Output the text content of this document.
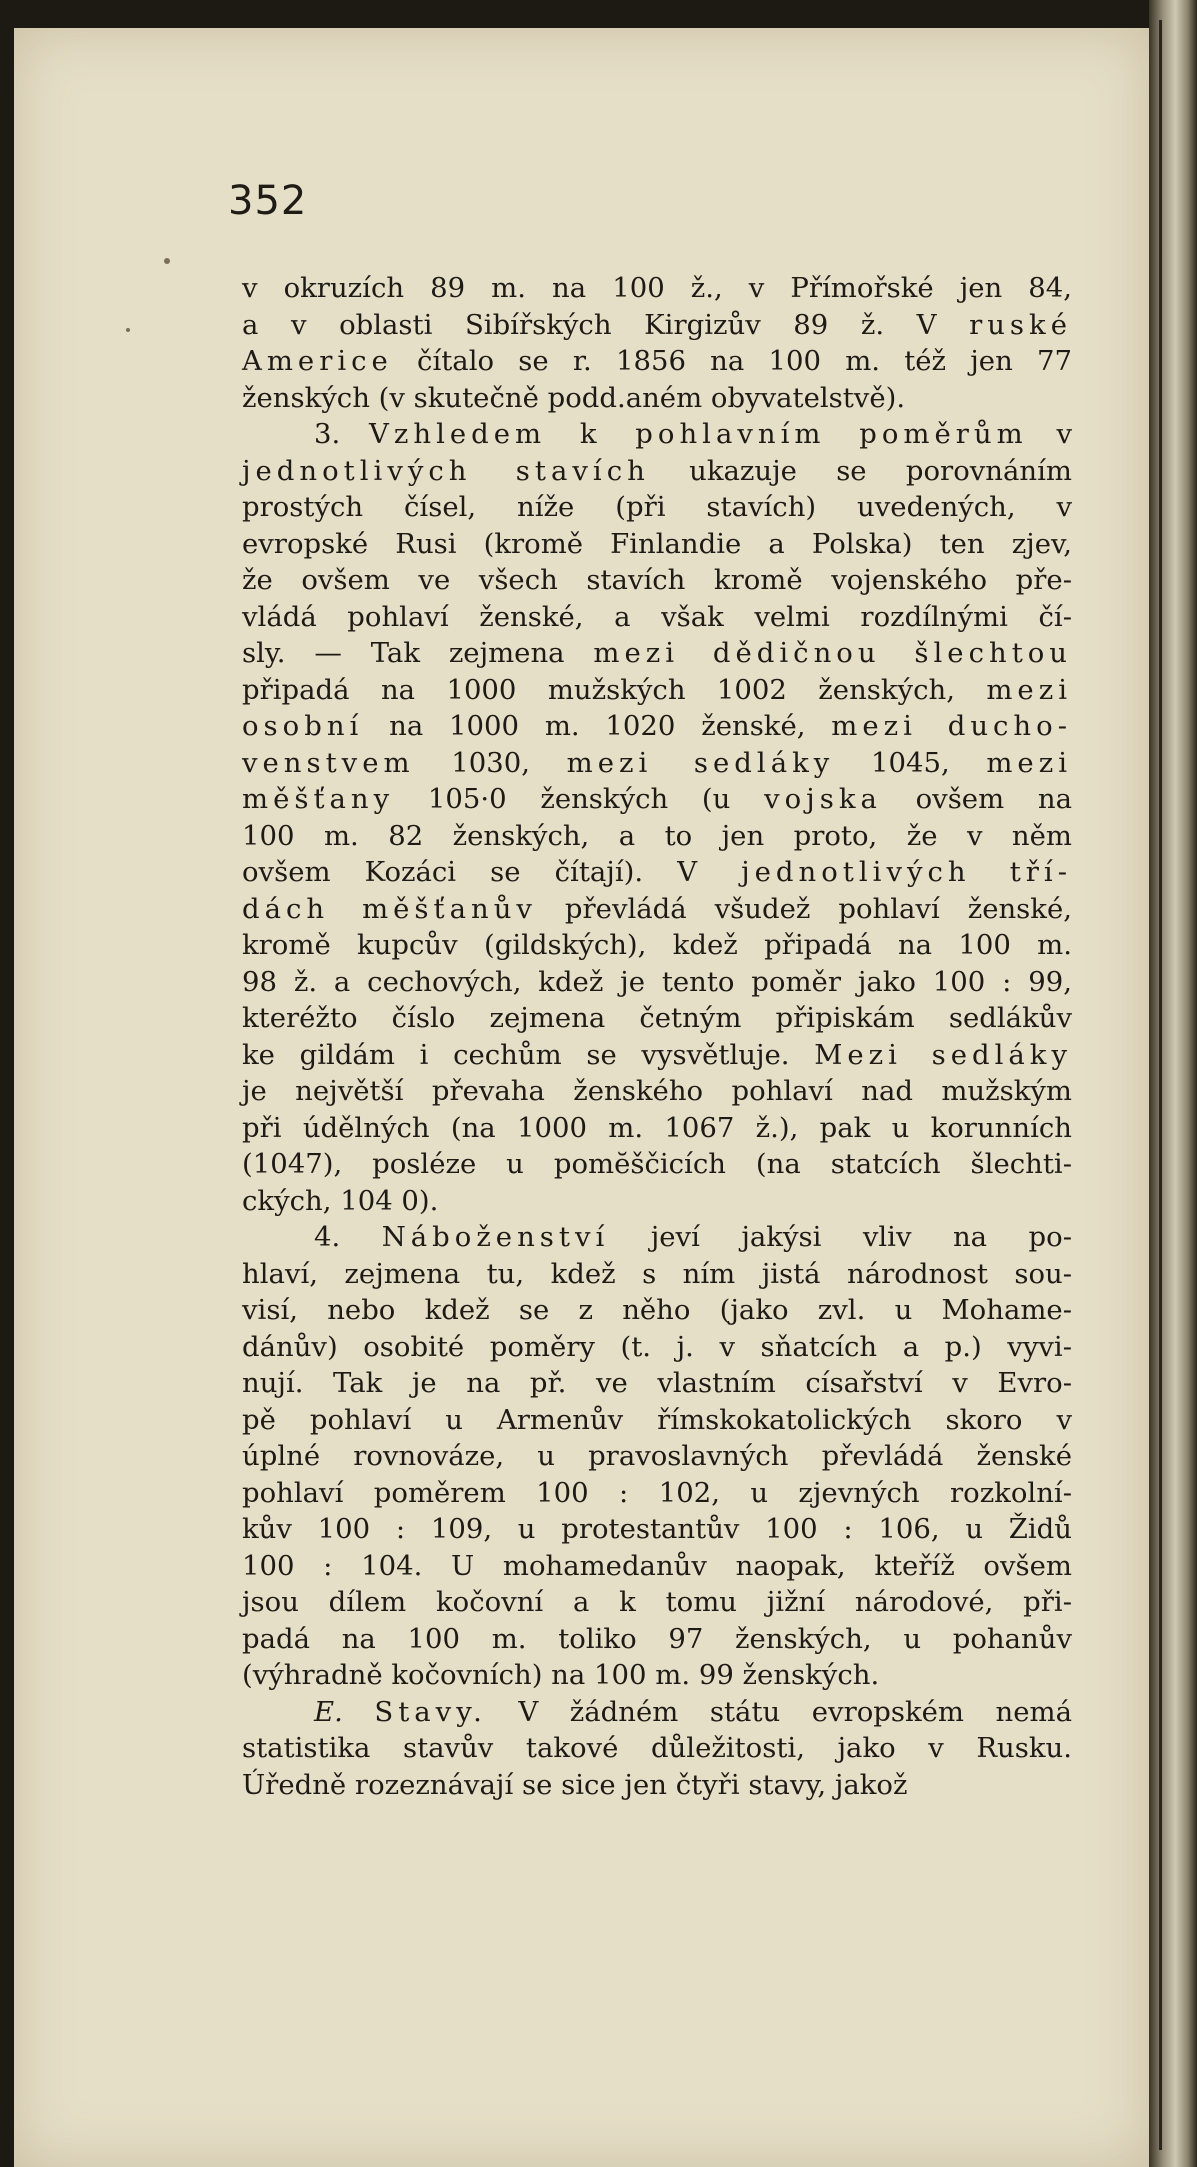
352
v okruzích 89 m. na 100 ž., v Přímořské jen 84,
a v oblasti Sibířských Kirgizův 89 ž. V ruské
Americe čítalo se r. 1856 na 100 m. též jen 77
ženských (v skutečně podd.aném obyvatelstvě).
3. Vzhledem k pohlavním poměrům v
jednotlivých stavích ukazuje se porovnáním
prostých čísel, níže (při stavích) uvedených, v
evropské Rusi (kromě Finlandie a Polska) ten zjev,
že ovšem ve všech stavích kromě vojenského pře-
vládá pohlaví ženské, a však velmi rozdílnými čí-
sly. — Tak zejmena mezi dědičnou šlechtou
připadá na 1000 mužských 1002 ženských, mezi
osobní na 1000 m. 1020 ženské, mezi ducho-
venstvem 1030, mezi sedláky 1045, mezi
měšťany 105·0 ženských (u vojska ovšem na
100 m. 82 ženských, a to jen proto, že v něm
ovšem Kozáci se čítají). V jednotlivých tří-
dách měšťanův převládá všudež pohlaví ženské,
kromě kupcův (gildských), kdež připadá na 100 m.
98 ž. a cechových, kdež je tento poměr jako 100 : 99,
kteréžto číslo zejmena četným připiskám sedlákův
ke gildám i cechům se vysvětluje. Mezi sedláky
je největší převaha ženského pohlaví nad mužským
při údělných (na 1000 m. 1067 ž.), pak u korunních
(1047), posléze u pomĕščicích (na statcích šlechti-
ckých, 104 0).
4. Náboženství jeví jakýsi vliv na po-
hlaví, zejmena tu, kdež s ním jistá národnost sou-
visí, nebo kdež se z něho (jako zvl. u Mohame-
dánův) osobité poměry (t. j. v sňatcích a p.) vyvi-
nují. Tak je na př. ve vlastním císařství v Evro-
pě pohlaví u Armenův římskokatolických skoro v
úplné rovnováze, u pravoslavných převládá ženské
pohlaví poměrem 100 : 102, u zjevných rozkolní-
kův 100 : 109, u protestantův 100 : 106, u Židů
100 : 104. U mohamedanův naopak, kteříž ovšem
jsou dílem kočovní a k tomu jižní národové, při-
padá na 100 m. toliko 97 ženských, u pohanův
(výhradně kočovních) na 100 m. 99 ženských.
E. Stavy. V žádném státu evropském nemá
statistika stavův takové důležitosti, jako v Rusku.
Úředně rozeznávají se sice jen čtyři stavy, jakož
